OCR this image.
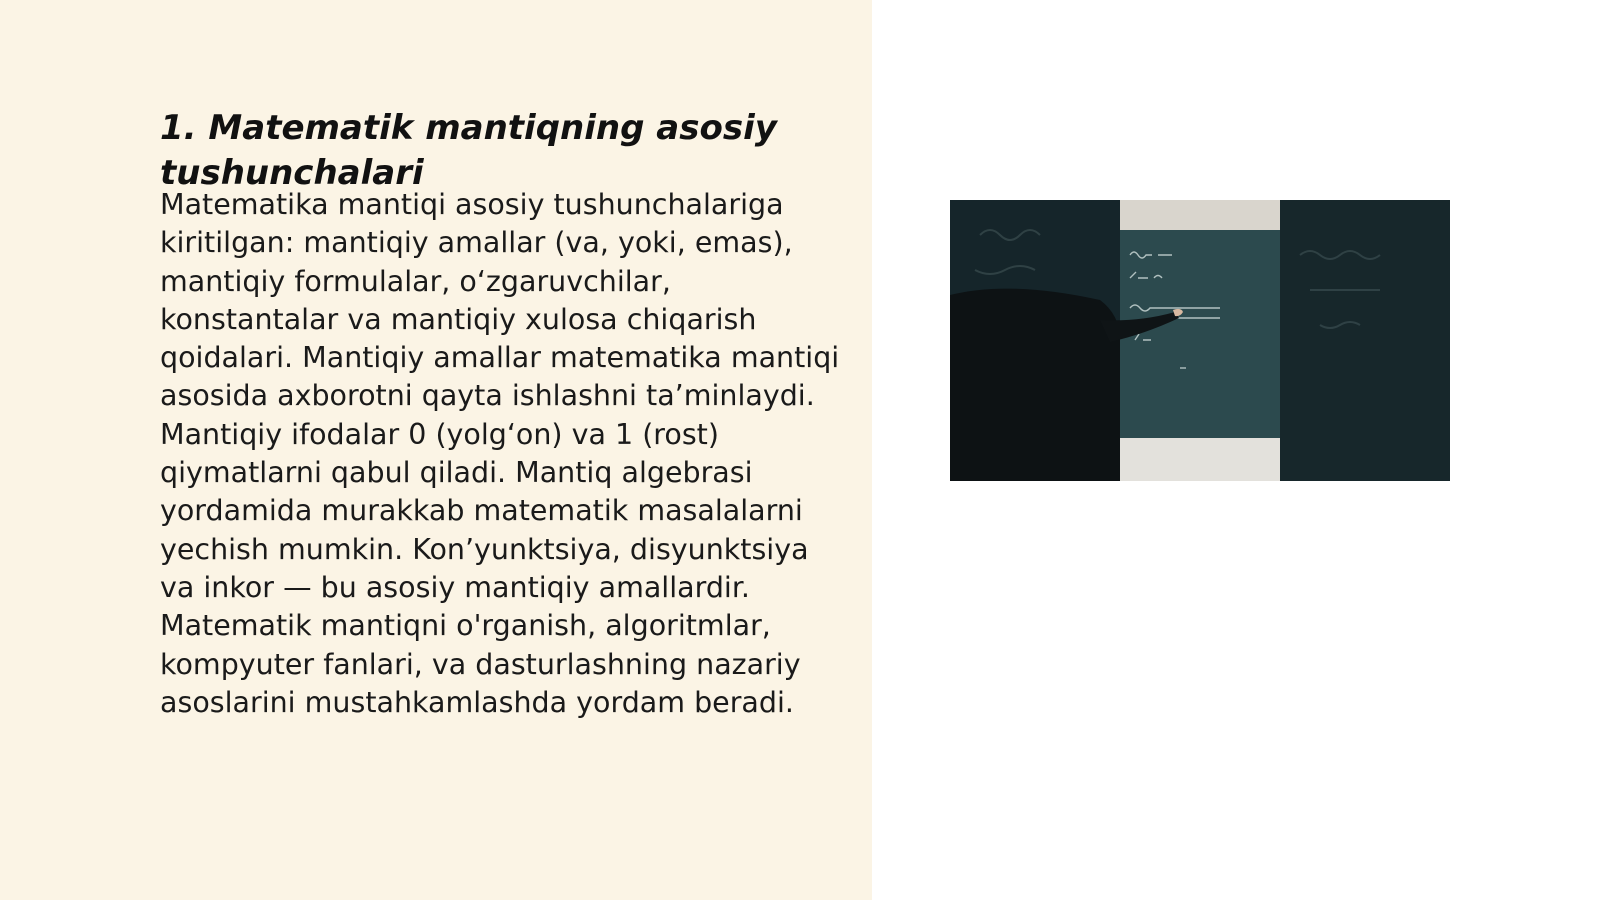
1. Matematik mantiqning asosiy tushunchalari

Matematika mantiqi asosiy tushunchalariga kiritilgan: mantiqiy amallar (va, yoki, emas), mantiqiy formulalar, o‘zgaruvchilar, konstantalar va mantiqiy xulosa chiqarish qoidalari. Mantiqiy amallar matematika mantiqi asosida axborotni qayta ishlashni ta’minlaydi. Mantiqiy ifodalar 0 (yolg‘on) va 1 (rost) qiymatlarni qabul qiladi. Mantiq algebrasi yordamida murakkab matematik masalalarni yechish mumkin. Kon’yunktsiya, disyunktsiya va inkor — bu asosiy mantiqiy amallardir. Matematik mantiqni o'rganish, algoritmlar, kompyuter fanlari, va dasturlashning nazariy asoslarini mustahkamlashda yordam beradi.
